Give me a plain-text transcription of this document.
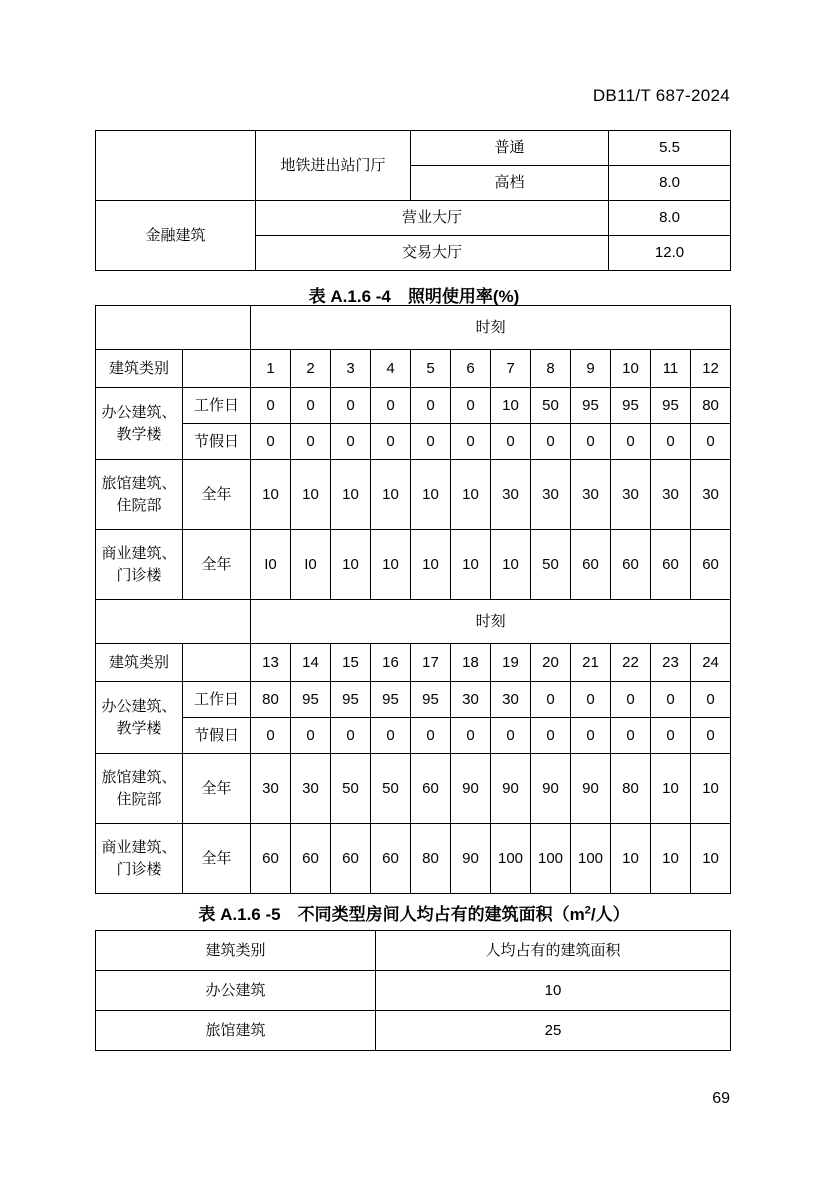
DB11/T 687-2024
	地铁进出站门厅	普通	5.5
		高档	8.0
金融建筑	营业大厅		8.0
	交易大厅		12.0
表 A.1.6 -4　照明使用率(%)
		时刻											
建筑类别		1	2	3	4	5	6	7	8	9	10	11	12
办公建筑、教学楼	工作日	0	0	0	0	0	0	10	50	95	95	95	80
	节假日	0	0	0	0	0	0	0	0	0	0	0	0
旅馆建筑、住院部	全年	10	10	10	10	10	10	30	30	30	30	30	30
商业建筑、门诊楼	全年	I0	I0	10	10	10	10	10	50	60	60	60	60
		时刻											
建筑类别		13	14	15	16	17	18	19	20	21	22	23	24
办公建筑、教学楼	工作日	80	95	95	95	95	30	30	0	0	0	0	0
	节假日	0	0	0	0	0	0	0	0	0	0	0	0
旅馆建筑、住院部	全年	30	30	50	50	60	90	90	90	90	80	10	10
商业建筑、门诊楼	全年	60	60	60	60	80	90	100	100	100	10	10	10
表 A.1.6 -5　不同类型房间人均占有的建筑面积（$m^2/$人）
建筑类别	人均占有的建筑面积
办公建筑	10
旅馆建筑	25
69
